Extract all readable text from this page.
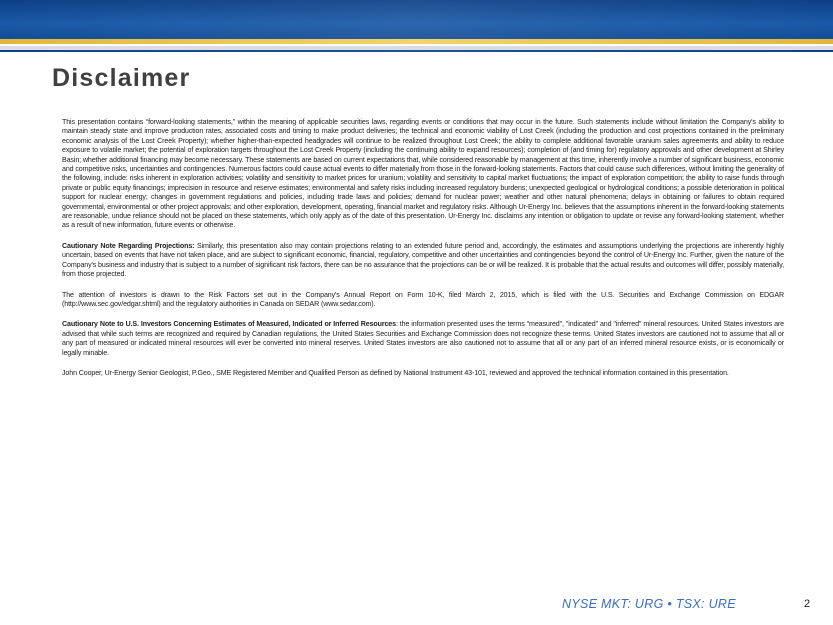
Disclaimer

This presentation contains “forward-looking statements,” within the meaning of applicable securities laws, regarding events or conditions that may occur in the future. Such statements include without limitation the Company's ability to maintain steady state and improve production rates, associated costs and timing to make product deliveries; the technical and economic viability of Lost Creek (including the production and cost projections contained in the preliminary economic analysis of the Lost Creek Property); whether higher-than-expected headgrades will continue to be realized throughout Lost Creek; the ability to complete additional favorable uranium sales agreements and ability to reduce exposure to volatile market; the potential of exploration targets throughout the Lost Creek Property (including the continuing ability to expand resources); completion of (and timing for) regulatory approvals and other development at Shirley Basin; whether additional financing may become necessary. These statements are based on current expectations that, while considered reasonable by management at this time, inherently involve a number of significant business, economic and competitive risks, uncertainties and contingencies. Numerous factors could cause actual events to differ materially from those in the forward-looking statements. Factors that could cause such differences, without limiting the generality of the following, include: risks inherent in exploration activities; volatility and sensitivity to market prices for uranium; volatility and sensitivity to capital market fluctuations; the impact of exploration competition; the ability to raise funds through private or public equity financings; imprecision in resource and reserve estimates; environmental and safety risks including increased regulatory burdens; unexpected geological or hydrological conditions; a possible deterioration in political support for nuclear energy; changes in government regulations and policies, including trade laws and policies; demand for nuclear power; weather and other natural phenomena; delays in obtaining or failures to obtain required governmental, environmental or other project approvals; and other exploration, development, operating, financial market and regulatory risks. Although Ur-Energy Inc. believes that the assumptions inherent in the forward-looking statements are reasonable, undue reliance should not be placed on these statements, which only apply as of the date of this presentation. Ur-Energy Inc. disclaims any intention or obligation to update or revise any forward-looking statement, whether as a result of new information, future events or otherwise.

Cautionary Note Regarding Projections: Similarly, this presentation also may contain projections relating to an extended future period and, accordingly, the estimates and assumptions underlying the projections are inherently highly uncertain, based on events that have not taken place, and are subject to significant economic, financial, regulatory, competitive and other uncertainties and contingencies beyond the control of Ur-Energy Inc. Further, given the nature of the Company's business and industry that is subject to a number of significant risk factors, there can be no assurance that the projections can be or will be realized. It is probable that the actual results and outcomes will differ, possibly materially, from those projected.

The attention of investors is drawn to the Risk Factors set out in the Company's Annual Report on Form 10-K, filed March 2, 2015, which is filed with the U.S. Securities and Exchange Commission on EDGAR (http://www.sec.gov/edgar.shtml) and the regulatory authorities in Canada on SEDAR (www.sedar.com).

Cautionary Note to U.S. Investors Concerning Estimates of Measured, Indicated or Inferred Resources: the information presented uses the terms "measured", "indicated" and "inferred" mineral resources. United States investors are advised that while such terms are recognized and required by Canadian regulations, the United States Securities and Exchange Commission does not recognize these terms. United States investors are cautioned not to assume that all or any part of measured or indicated mineral resources will ever be converted into mineral reserves. United States investors are also cautioned not to assume that all or any part of an inferred mineral resource exists, or is economically or legally minable.

John Cooper, Ur-Energy Senior Geologist, P.Geo., SME Registered Member and Qualified Person as defined by National Instrument 43-101, reviewed and approved the technical information contained in this presentation.

NYSE MKT: URG • TSX: URE	2
